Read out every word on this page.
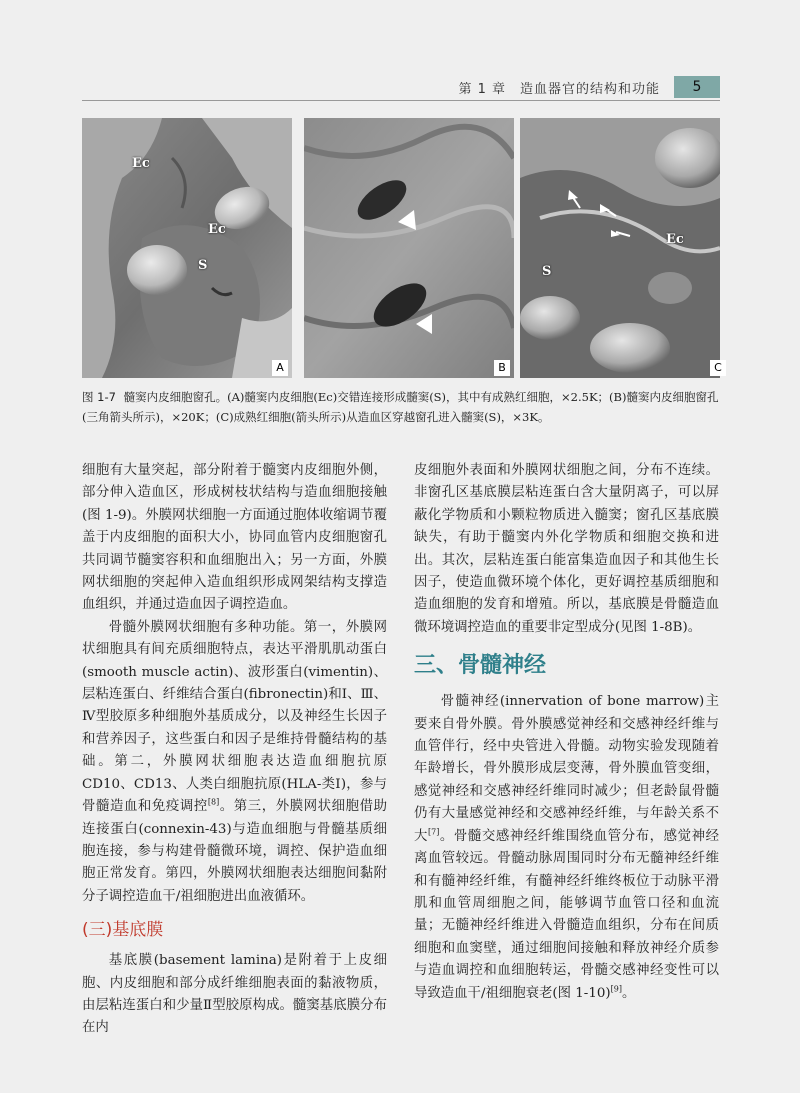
第 1 章　造血器官的结构和功能	5
Ec
Ec
S
A	B
Ec
S
C
图 1-7 髓窦内皮细胞窗孔。(A)髓窦内皮细胞(Ec)交错连接形成髓窦(S)，其中有成熟红细胞，×2.5K；(B)髓窦内皮细胞窗孔(三角箭头所示)，×20K；(C)成熟红细胞(箭头所示)从造血区穿越窗孔进入髓窦(S)，×3K。

细胞有大量突起，部分附着于髓窦内皮细胞外侧，部分伸入造血区，形成树枝状结构与造血细胞接触(图 1-9)。外膜网状细胞一方面通过胞体收缩调节覆盖于内皮细胞的面积大小，协同血管内皮细胞窗孔共同调节髓窦容积和血细胞出入；另一方面，外膜网状细胞的突起伸入造血组织形成网架结构支撑造血组织，并通过造血因子调控造血。

骨髓外膜网状细胞有多种功能。第一，外膜网状细胞具有间充质细胞特点，表达平滑肌肌动蛋白(smooth muscle actin)、波形蛋白(vimentin)、层粘连蛋白、纤维结合蛋白(fibronectin)和Ⅰ、Ⅲ、Ⅳ型胶原多种细胞外基质成分，以及神经生长因子和营养因子，这些蛋白和因子是维持骨髓结构的基础。第二，外膜网状细胞表达造血细胞抗原 CD10、CD13、人类白细胞抗原(HLA-类Ⅰ)，参与骨髓造血和免疫调控[8]。第三，外膜网状细胞借助连接蛋白(connexin-43)与造血细胞与骨髓基质细胞连接，参与构建骨髓微环境，调控、保护造血细胞正常发育。第四，外膜网状细胞表达细胞间黏附分子调控造血干/祖细胞进出血液循环。

(三)基底膜

基底膜(basement lamina)是附着于上皮细胞、内皮细胞和部分成纤维细胞表面的黏液物质，由层粘连蛋白和少量Ⅱ型胶原构成。髓窦基底膜分布在内

皮细胞外表面和外膜网状细胞之间，分布不连续。非窗孔区基底膜层粘连蛋白含大量阴离子，可以屏蔽化学物质和小颗粒物质进入髓窦；窗孔区基底膜缺失，有助于髓窦内外化学物质和细胞交换和进出。其次，层粘连蛋白能富集造血因子和其他生长因子，使造血微环境个体化，更好调控基质细胞和造血细胞的发育和增殖。所以，基底膜是骨髓造血微环境调控造血的重要非定型成分(见图 1-8B)。

三、骨髓神经

骨髓神经(innervation of bone marrow)主要来自骨外膜。骨外膜感觉神经和交感神经纤维与血管伴行，经中央管进入骨髓。动物实验发现随着年龄增长，骨外膜形成层变薄，骨外膜血管变细，感觉神经和交感神经纤维同时减少；但老龄鼠骨髓仍有大量感觉神经和交感神经纤维，与年龄关系不大[7]。骨髓交感神经纤维围绕血管分布，感觉神经离血管较远。骨髓动脉周围同时分布无髓神经纤维和有髓神经纤维，有髓神经纤维终板位于动脉平滑肌和血管周细胞之间，能够调节血管口径和血流量；无髓神经纤维进入骨髓造血组织，分布在间质细胞和血窦壁，通过细胞间接触和释放神经介质参与造血调控和血细胞转运，骨髓交感神经变性可以导致造血干/祖细胞衰老(图 1-10)[9]。
